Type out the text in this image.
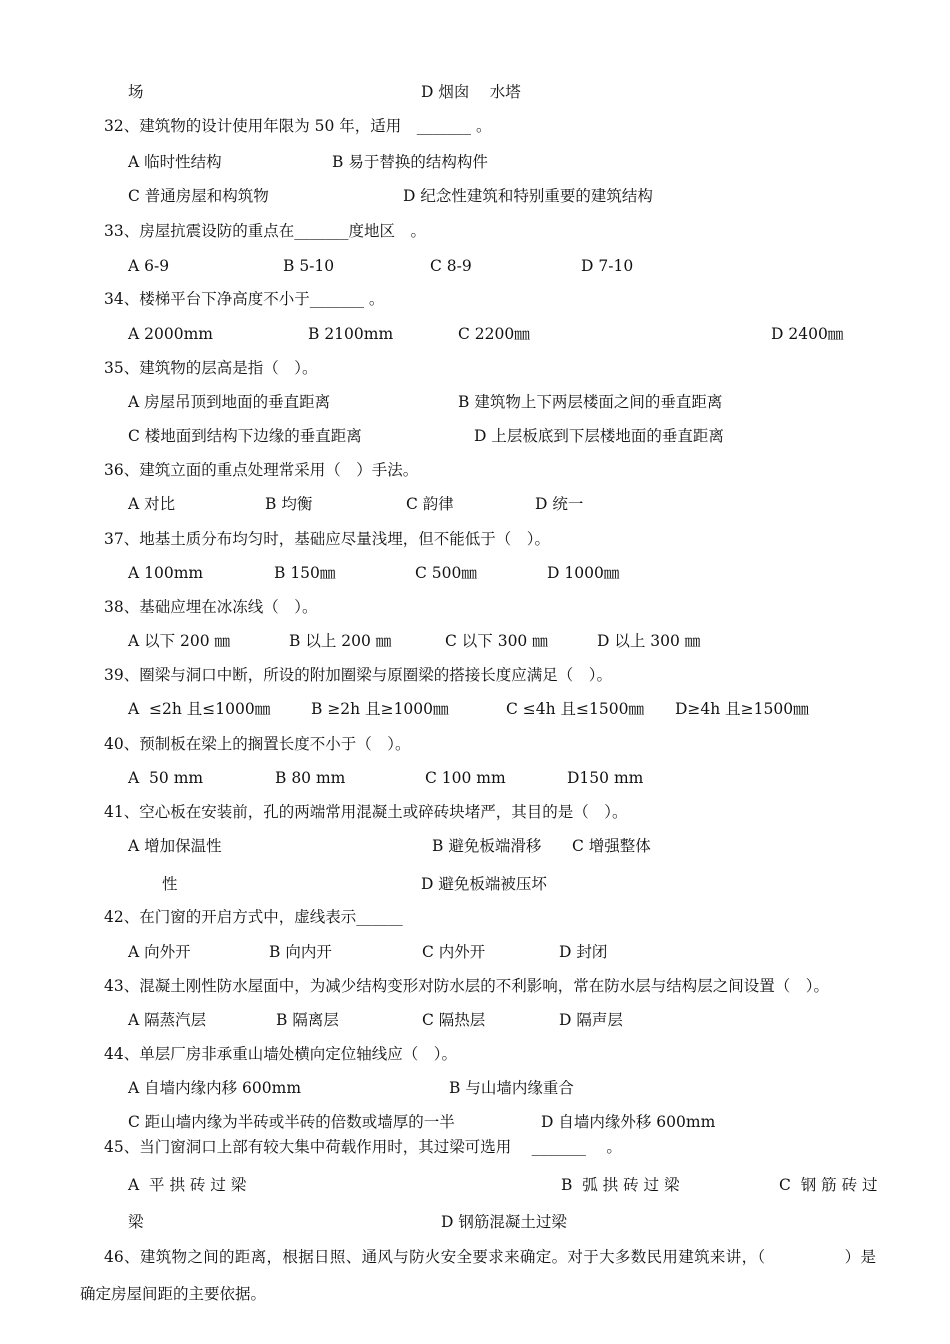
场	D 烟囱　 水塔
32、建筑物的设计使用年限为 50 年，适用　_______ 。
A 临时性结构	B 易于替换的结构构件
C 普通房屋和构筑物	D 纪念性建筑和特别重要的建筑结构
33、房屋抗震设防的重点在_______度地区　。
A 6-9	B 5-10	C 8-9	D 7-10
34、楼梯平台下净高度不小于_______ 。
A 2000mm	B 2100mm	C 2200㎜	D 2400㎜
35、建筑物的层高是指（　）。
A 房屋吊顶到地面的垂直距离	B 建筑物上下两层楼面之间的垂直距离
C 楼地面到结构下边缘的垂直距离	D 上层板底到下层楼地面的垂直距离
36、建筑立面的重点处理常采用（　）手法。
A 对比	B 均衡	C 韵律	D 统一
37、地基土质分布均匀时，基础应尽量浅埋，但不能低于（　）。
A 100mm	B 150㎜	C 500㎜	D 1000㎜
38、基础应埋在冰冻线（　）。
A 以下 200 ㎜	B 以上 200 ㎜	C 以下 300 ㎜	D 以上 300 ㎜
39、圈梁与洞口中断，所设的附加圈梁与原圈梁的搭接长度应满足（　）。
A  ≤2h 且≤1000㎜	B ≥2h 且≥1000㎜	C ≤4h 且≤1500㎜ D≥4h 且≥1500㎜
40、预制板在梁上的搁置长度不小于（　）。
A  50 mm	B 80 mm	C 100 mm	D150 mm
41、空心板在安装前，孔的两端常用混凝土或碎砖块堵严，其目的是（　）。
A 增加保温性	B 避免板端滑移 C 增强整体
性	D 避免板端被压坏
42、在门窗的开启方式中，虚线表示______
A 向外开	B 向内开	C 内外开	D 封闭
43、混凝土刚性防水屋面中，为减少结构变形对防水层的不利影响，常在防水层与结构层之间设置（　）。
A 隔蒸汽层	B 隔离层	C 隔热层	D 隔声层
44、单层厂房非承重山墙处横向定位轴线应（　）。
A 自墙内缘内移 600mm	B 与山墙内缘重合
C 距山墙内缘为半砖或半砖的倍数或墙厚的一半	D 自墙内缘外移 600mm
45、当门窗洞口上部有较大集中荷载作用时，其过梁可选用　 _______　 。
A  平 拱 砖 过 梁	B  弧 拱 砖 过 梁	C  钢 筋 砖 过
梁	D 钢筋混凝土过梁
确定房屋间距的主要依据。
46、建筑物之间的距离，根据日照、通风与防火安全要求来确定。对于大多数民用建筑来讲，（　　　　　）是
